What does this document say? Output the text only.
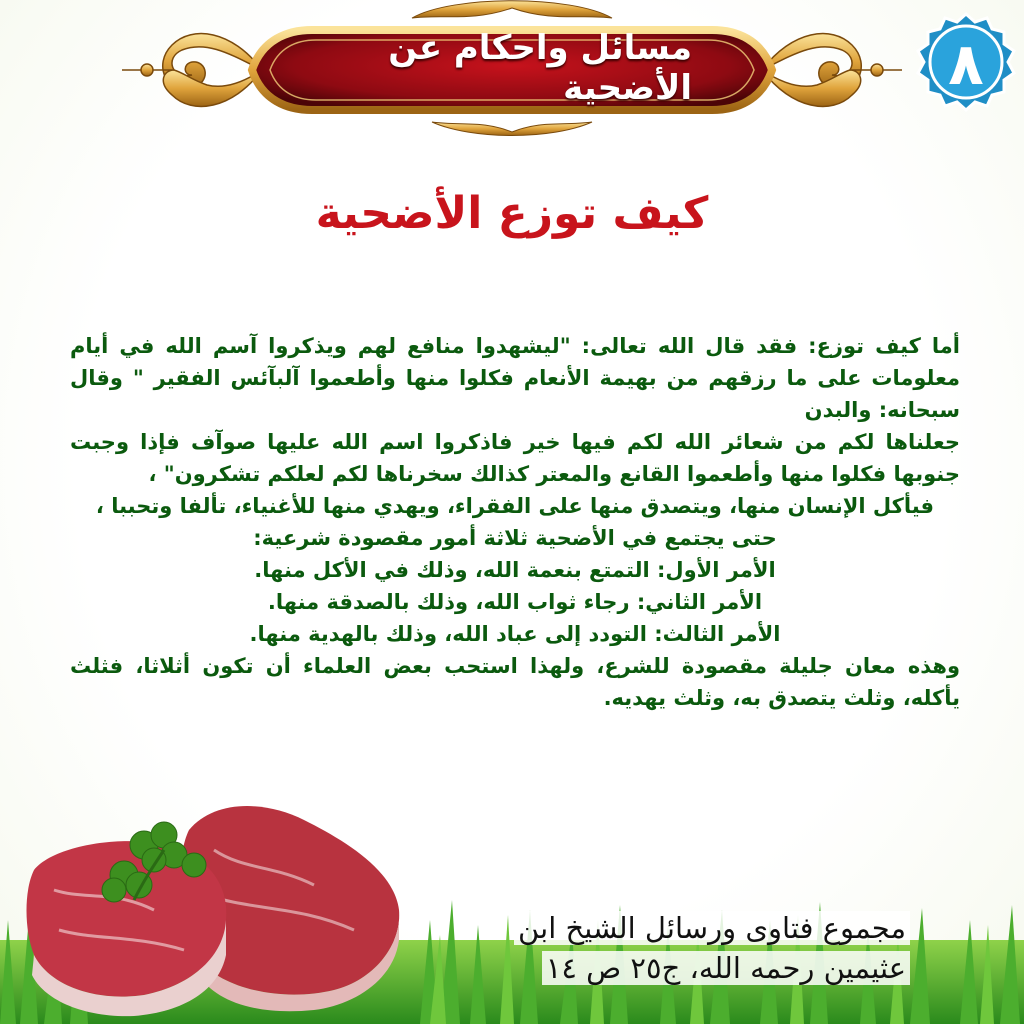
مسائل واحكام عن الأضحية	٨
كيف توزع الأضحية

أما كيف توزع: فقد قال الله تعالى: "ليشهدوا منافع لهم ويذكروا آسم الله في أيام معلومات على ما رزقهم من بهيمة الأنعام فكلوا منها وأطعموا آلبآئس الفقير " وقال سبحانه: والبدن

جعلناها لكم من شعائر الله لكم فيها خير فاذكروا اسم الله عليها صوآف فإذا وجبت جنوبها فكلوا منها وأطعموا القانع والمعتر كذالك سخرناها لكم لعلكم تشكرون" ،

فيأكل الإنسان منها، ويتصدق منها على الفقراء، ويهدي منها للأغنياء، تألفا وتحببا ،

حتى يجتمع في الأضحية ثلاثة أمور مقصودة شرعية:

الأمر الأول: التمتع بنعمة الله، وذلك في الأكل منها.

الأمر الثاني: رجاء ثواب الله، وذلك بالصدقة منها.

الأمر الثالث: التودد إلى عباد الله، وذلك بالهدية منها.

وهذه معان جليلة مقصودة للشرع، ولهذا استحب بعض العلماء أن تكون أثلاثا، فثلث يأكله، وثلث يتصدق به، وثلث يهديه.

مجموع فتاوى ورسائل الشيخ ابن
عثيمين رحمه الله، ج٢٥ ص ١٤
